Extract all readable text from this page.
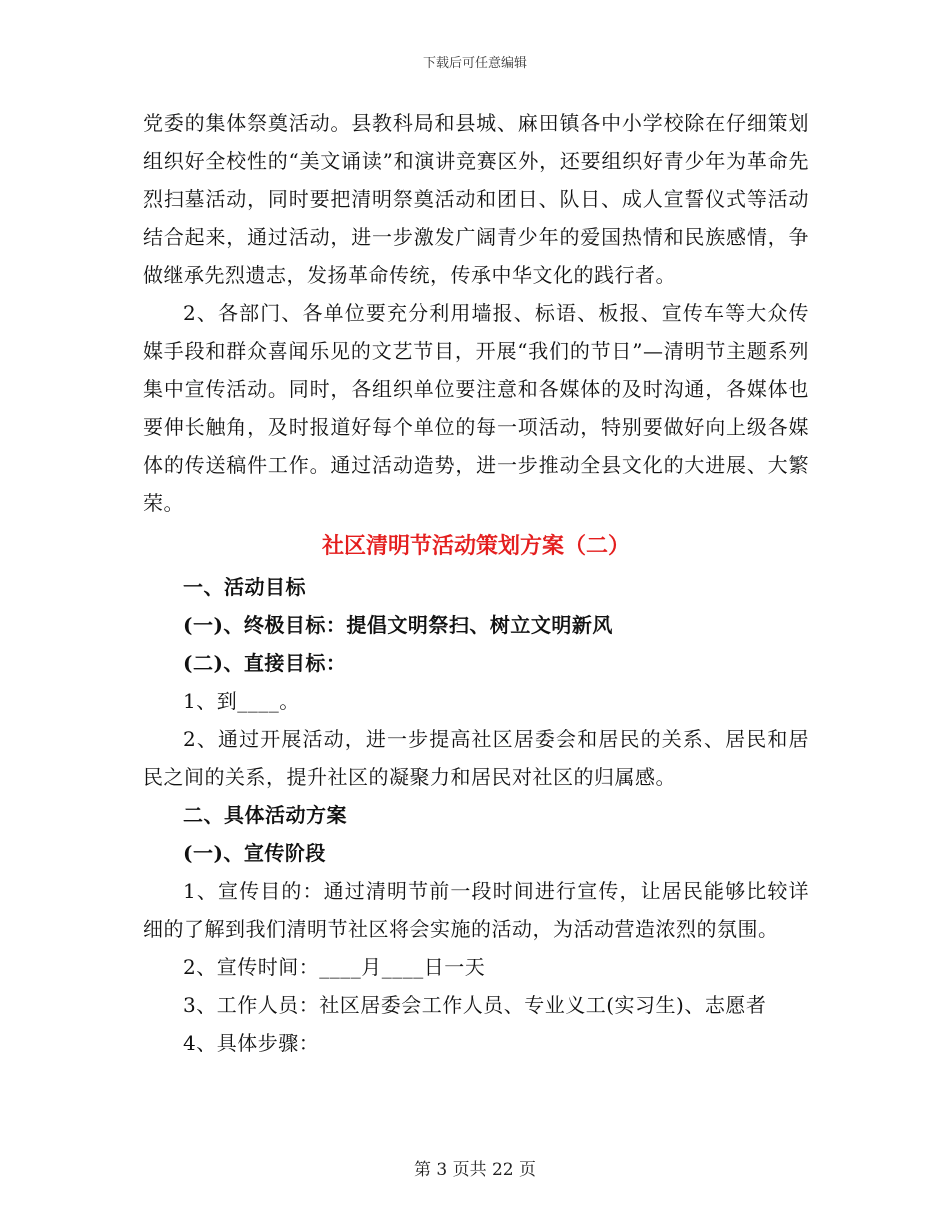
下载后可任意编辑

党委的集体祭奠活动。县教科局和县城、麻田镇各中小学校除在仔细策划组织好全校性的“美文诵读”和演讲竞赛区外，还要组织好青少年为革命先烈扫墓活动，同时要把清明祭奠活动和团日、队日、成人宣誓仪式等活动结合起来，通过活动，进一步激发广阔青少年的爱国热情和民族感情，争做继承先烈遗志，发扬革命传统，传承中华文化的践行者。

2、各部门、各单位要充分利用墙报、标语、板报、宣传车等大众传媒手段和群众喜闻乐见的文艺节目，开展“我们的节日”—清明节主题系列集中宣传活动。同时，各组织单位要注意和各媒体的及时沟通，各媒体也要伸长触角，及时报道好每个单位的每一项活动，特别要做好向上级各媒体的传送稿件工作。通过活动造势，进一步推动全县文化的大进展、大繁荣。

社区清明节活动策划方案（二）

一、活动目标

(一)、终极目标：提倡文明祭扫、树立文明新风

(二)、直接目标：

1、到____。

2、通过开展活动，进一步提高社区居委会和居民的关系、居民和居民之间的关系，提升社区的凝聚力和居民对社区的归属感。

二、具体活动方案

(一)、宣传阶段

1、宣传目的：通过清明节前一段时间进行宣传，让居民能够比较详细的了解到我们清明节社区将会实施的活动，为活动营造浓烈的氛围。

2、宣传时间：____月____日一天

3、工作人员：社区居委会工作人员、专业义工(实习生)、志愿者

4、具体步骤：

第 3 页共 22 页
